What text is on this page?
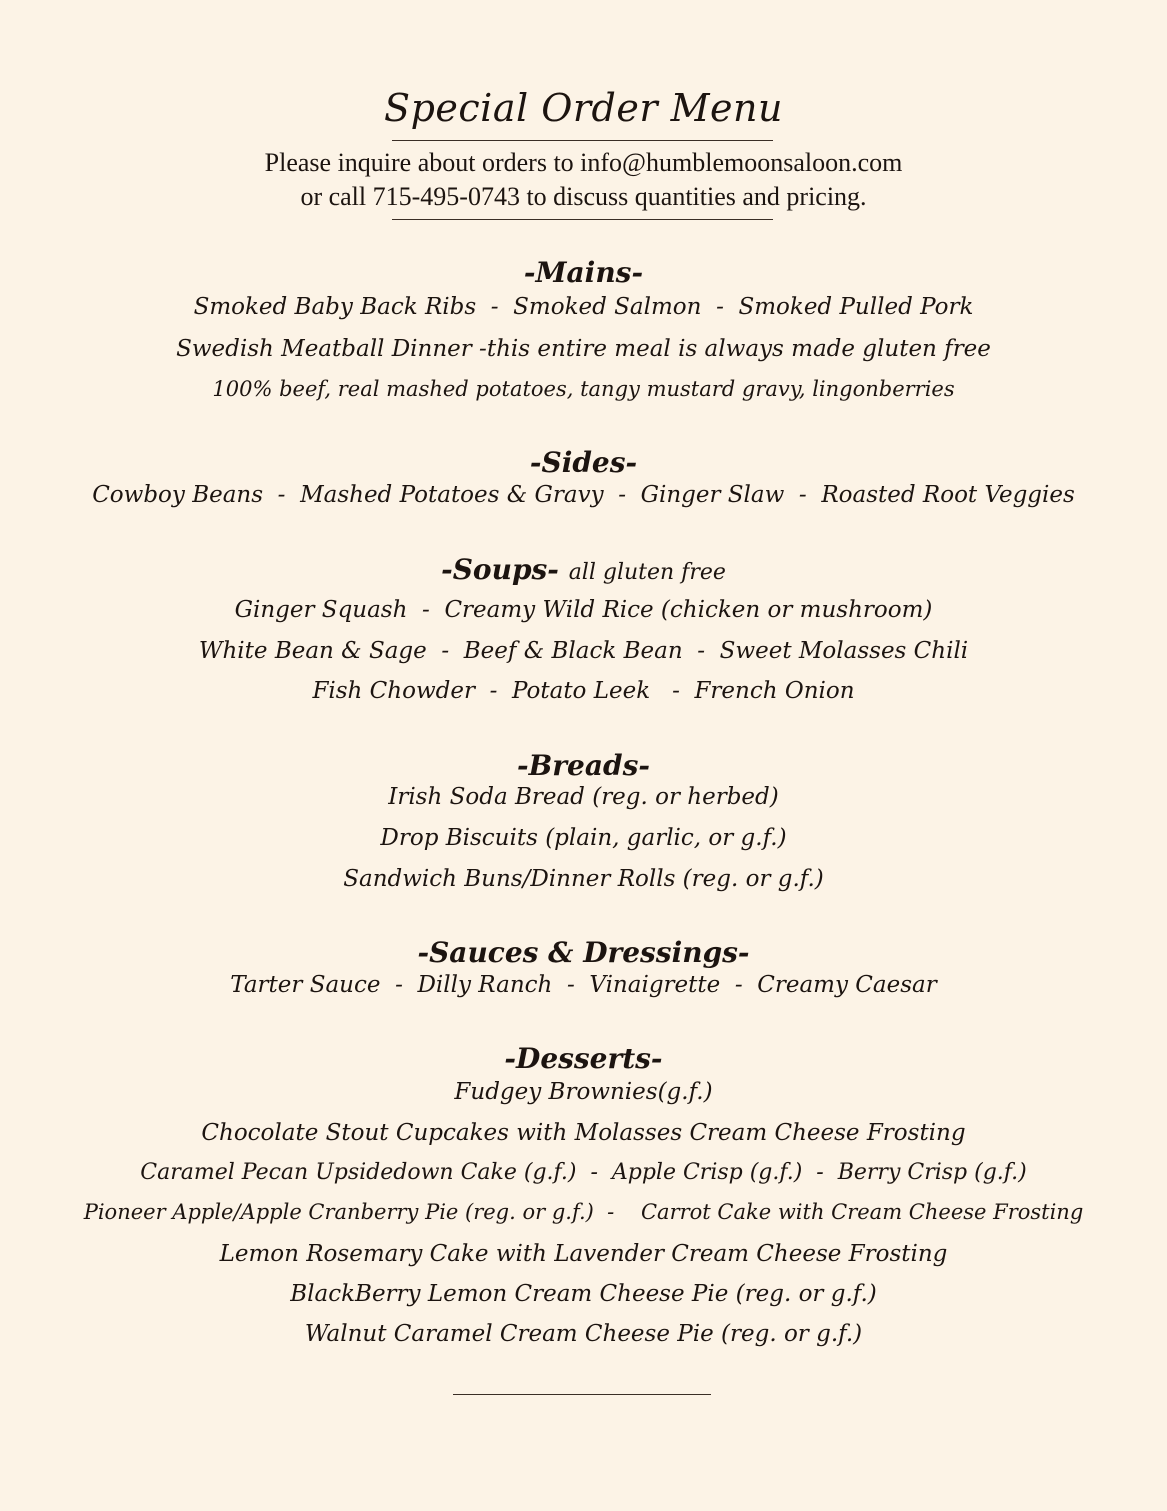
Special Order Menu
Please inquire about orders to info@humblemoonsaloon.com
or call 715-495-0743 to discuss quantities and pricing.
-Mains-
Smoked Baby Back Ribs  -  Smoked Salmon  -  Smoked Pulled Pork
Swedish Meatball Dinner -this entire meal is always made gluten free
100% beef, real mashed potatoes, tangy mustard gravy, lingonberries
-Sides-
Cowboy Beans  -  Mashed Potatoes & Gravy  -  Ginger Slaw  -  Roasted Root Veggies
-Soups- all gluten free
Ginger Squash  -  Creamy Wild Rice (chicken or mushroom)
White Bean & Sage  -  Beef & Black Bean  -  Sweet Molasses Chili
Fish Chowder  -  Potato Leek   -  French Onion
-Breads-
Irish Soda Bread (reg. or herbed)
Drop Biscuits (plain, garlic, or g.f.)
Sandwich Buns/Dinner Rolls (reg. or g.f.)
-Sauces & Dressings-
Tarter Sauce  -  Dilly Ranch  -  Vinaigrette  -  Creamy Caesar
-Desserts-
Fudgey Brownies(g.f.)
Chocolate Stout Cupcakes with Molasses Cream Cheese Frosting
Caramel Pecan Upsidedown Cake (g.f.)  -  Apple Crisp (g.f.)  -  Berry Crisp (g.f.)
Pioneer Apple/Apple Cranberry Pie (reg. or g.f.)  -    Carrot Cake with Cream Cheese Frosting
Lemon Rosemary Cake with Lavender Cream Cheese Frosting
BlackBerry Lemon Cream Cheese Pie (reg. or g.f.)
Walnut Caramel Cream Cheese Pie (reg. or g.f.)
